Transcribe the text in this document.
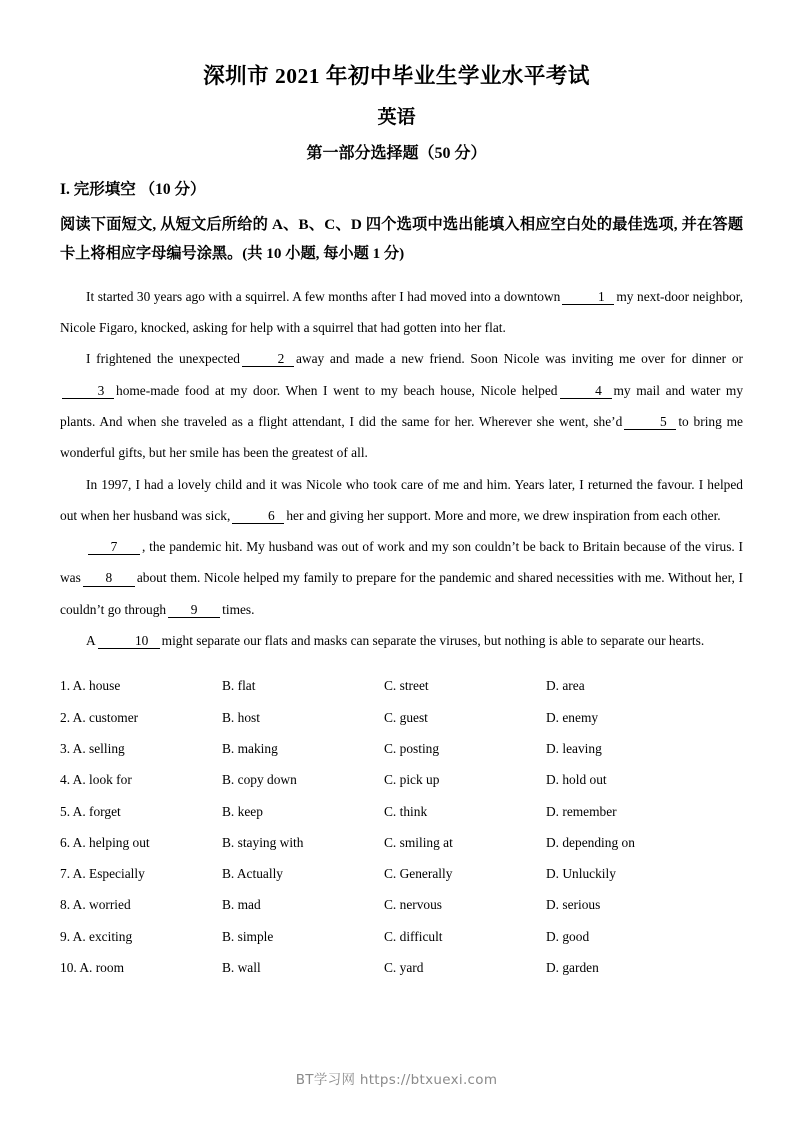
深圳市 2021 年初中毕业生学业水平考试
英语
第一部分选择题（50 分）
I. 完形填空 （10 分）
阅读下面短文, 从短文后所给的 A、B、C、D 四个选项中选出能填入相应空白处的最佳选项, 并在答题卡上将相应字母编号涂黑。(共 10 小题, 每小题 1 分)

It started 30 years ago with a squirrel. A few months after I had moved into a downtown	1 my next-door neighbor, Nicole Figaro, knocked, asking for help with a squirrel that had gotten into her flat.

I frightened the unexpected	2 away and made a new friend. Soon Nicole was inviting me over for dinner or3 home-made food at my door. When I went to my beach house, Nicole helped	4 my mail and water my plants. And when she traveled as a flight attendant, I did the same for her. Wherever she went, she’d	5 to bring me wonderful gifts, but her smile has been the greatest of all.

In 1997, I had a lovely child and it was Nicole who took care of me and him. Years later, I returned the favour. I helped out when her husband was sick,	6 her and giving her support. More and more, we drew inspiration from each other.

7 , the pandemic hit. My husband was out of work and my son couldn’t be back to Britain because of the virus. I was 8 about them. Nicole helped my family to prepare for the pandemic and shared necessities with me. Without her, I couldn’t go through 9 times.

A	10 might separate our flats and masks can separate the viruses, but nothing is able to separate our hearts.

1. A. house	B. flat	C. street	D. area
2. A. customer	B. host	C. guest	D. enemy
3. A. selling	B. making	C. posting	D. leaving
4. A. look for	B. copy down	C. pick up	D. hold out
5. A. forget	B. keep	C. think	D. remember
6. A. helping out	B. staying with	C. smiling at	D. depending on
7. A. Especially	B. Actually	C. Generally	D. Unluckily
8. A. worried	B. mad	C. nervous	D. serious
9. A. exciting	B. simple	C. difficult	D. good
10. A. room	B. wall	C. yard	D. garden
BT学习网 https://btxuexi.com
